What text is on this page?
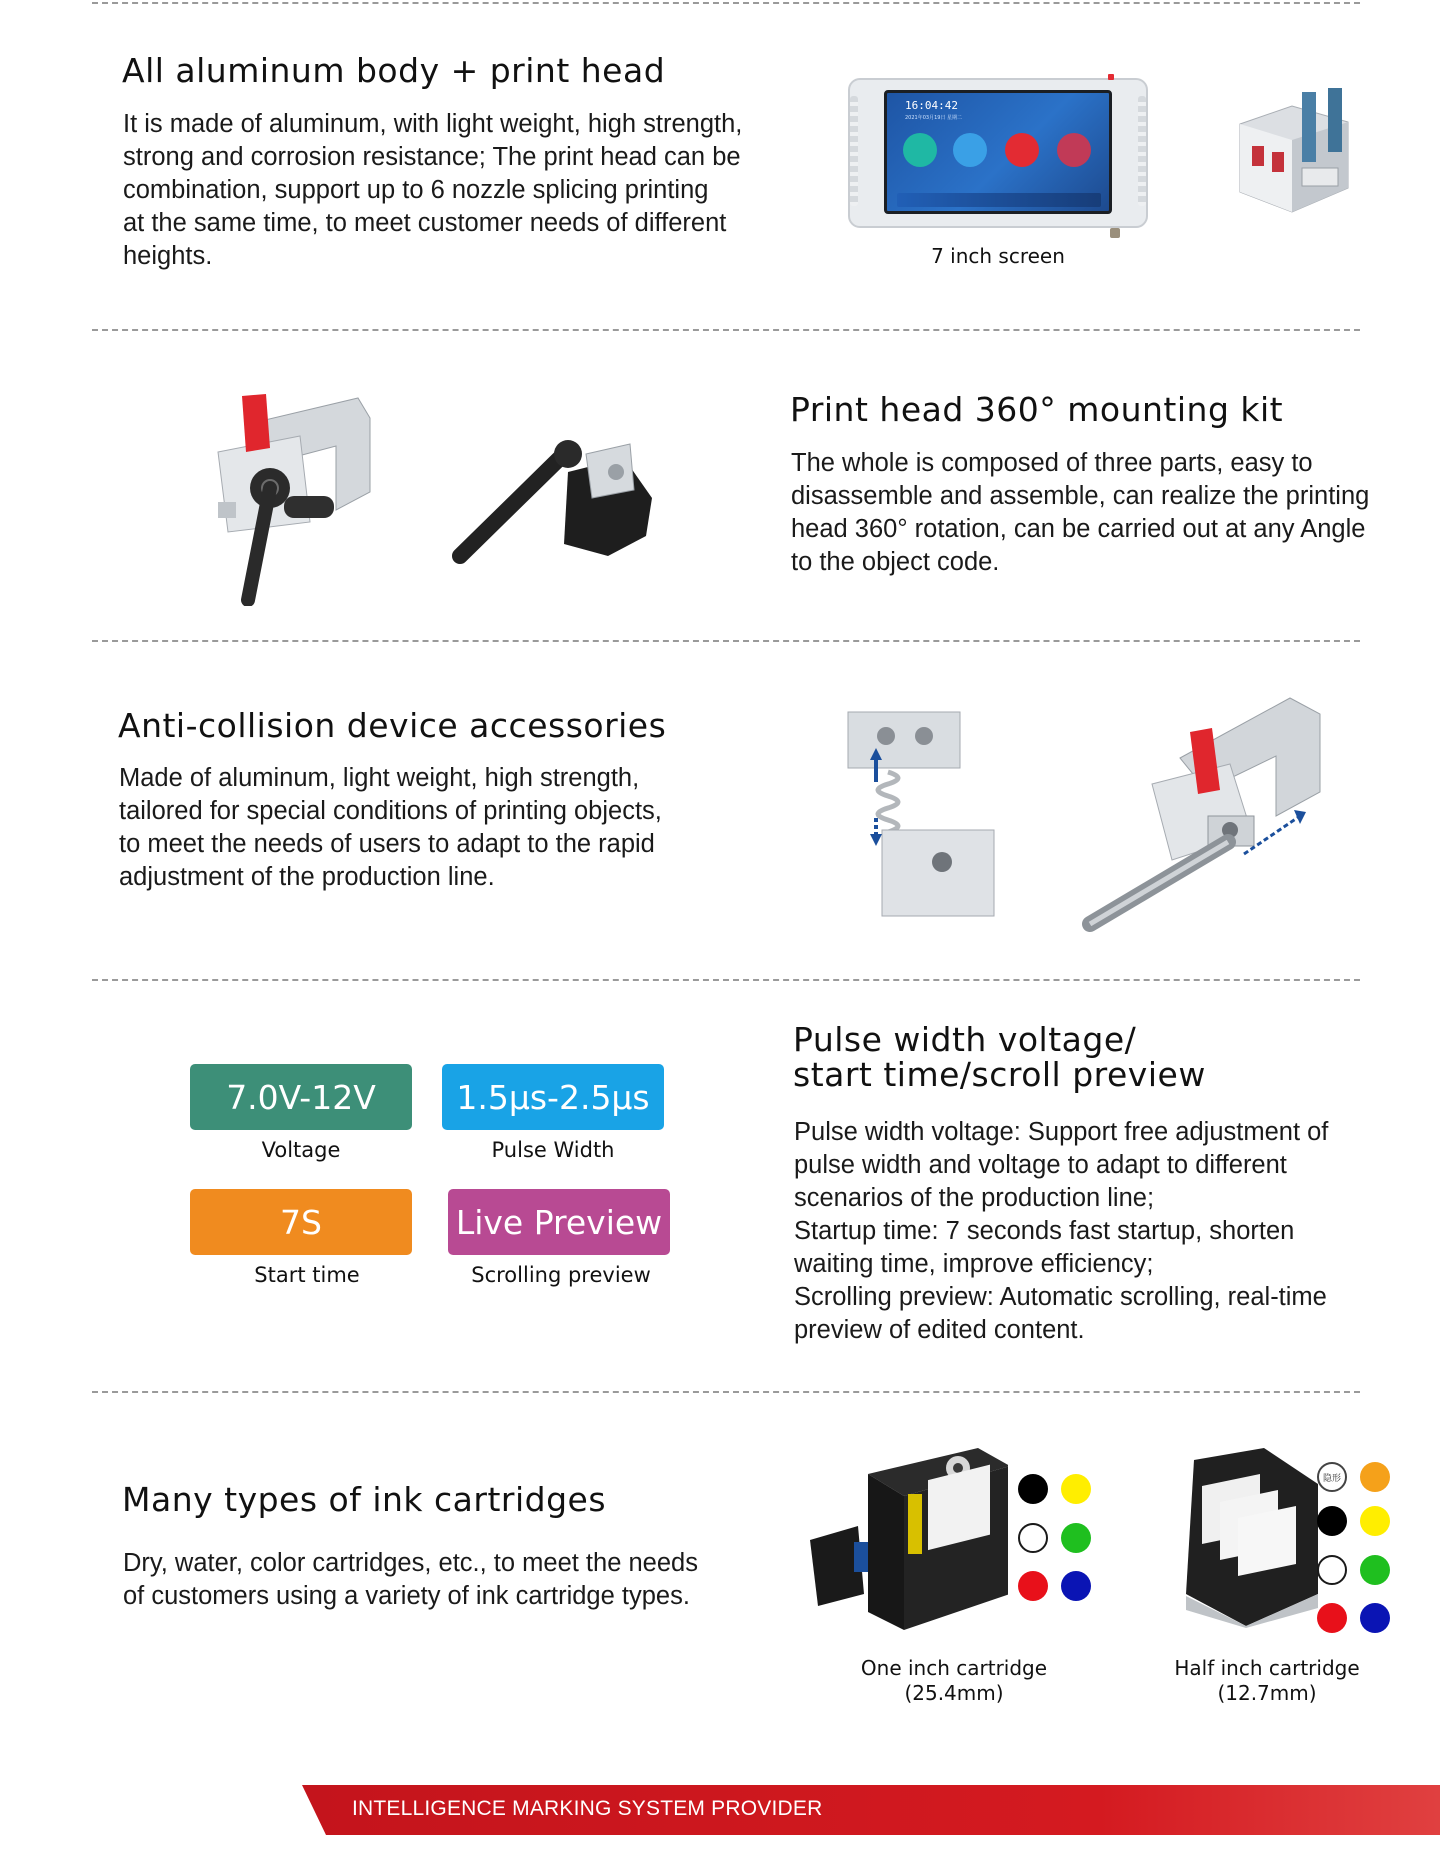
All aluminum body + print head
It is made of aluminum, with light weight, high strength,
strong and corrosion resistance; The print head can be
combination, support up to 6 nozzle splicing printing
at the same time, to meet customer needs of different
heights.
16:04:42
2021年03月19日 星期二
7 inch screen
Print head 360° mounting kit
The whole is composed of three parts, easy to
disassemble and assemble, can realize the printing
head 360° rotation, can be carried out at any Angle
to the object code.
Anti-collision device accessories
Made of aluminum, light weight, high strength,
tailored for special conditions of printing objects,
to meet the needs of users to adapt to the rapid
adjustment of the production line.
7.0V-12V
Voltage
1.5μs-2.5μs
Pulse Width
7S
Start time
Live Preview
Scrolling preview
Pulse width voltage/
start time/scroll preview
Pulse width voltage: Support free adjustment of
pulse width and voltage to adapt to different
scenarios of the production line;
Startup time: 7 seconds fast startup, shorten
waiting time, improve efficiency;
Scrolling preview: Automatic scrolling, real-time
preview of edited content.
Many types of ink cartridges
Dry, water, color cartridges, etc., to meet the needs
of customers using a variety of ink cartridge types.
隐形
One inch cartridge
(25.4mm)
Half inch cartridge
(12.7mm)
INTELLIGENCE MARKING SYSTEM PROVIDER
